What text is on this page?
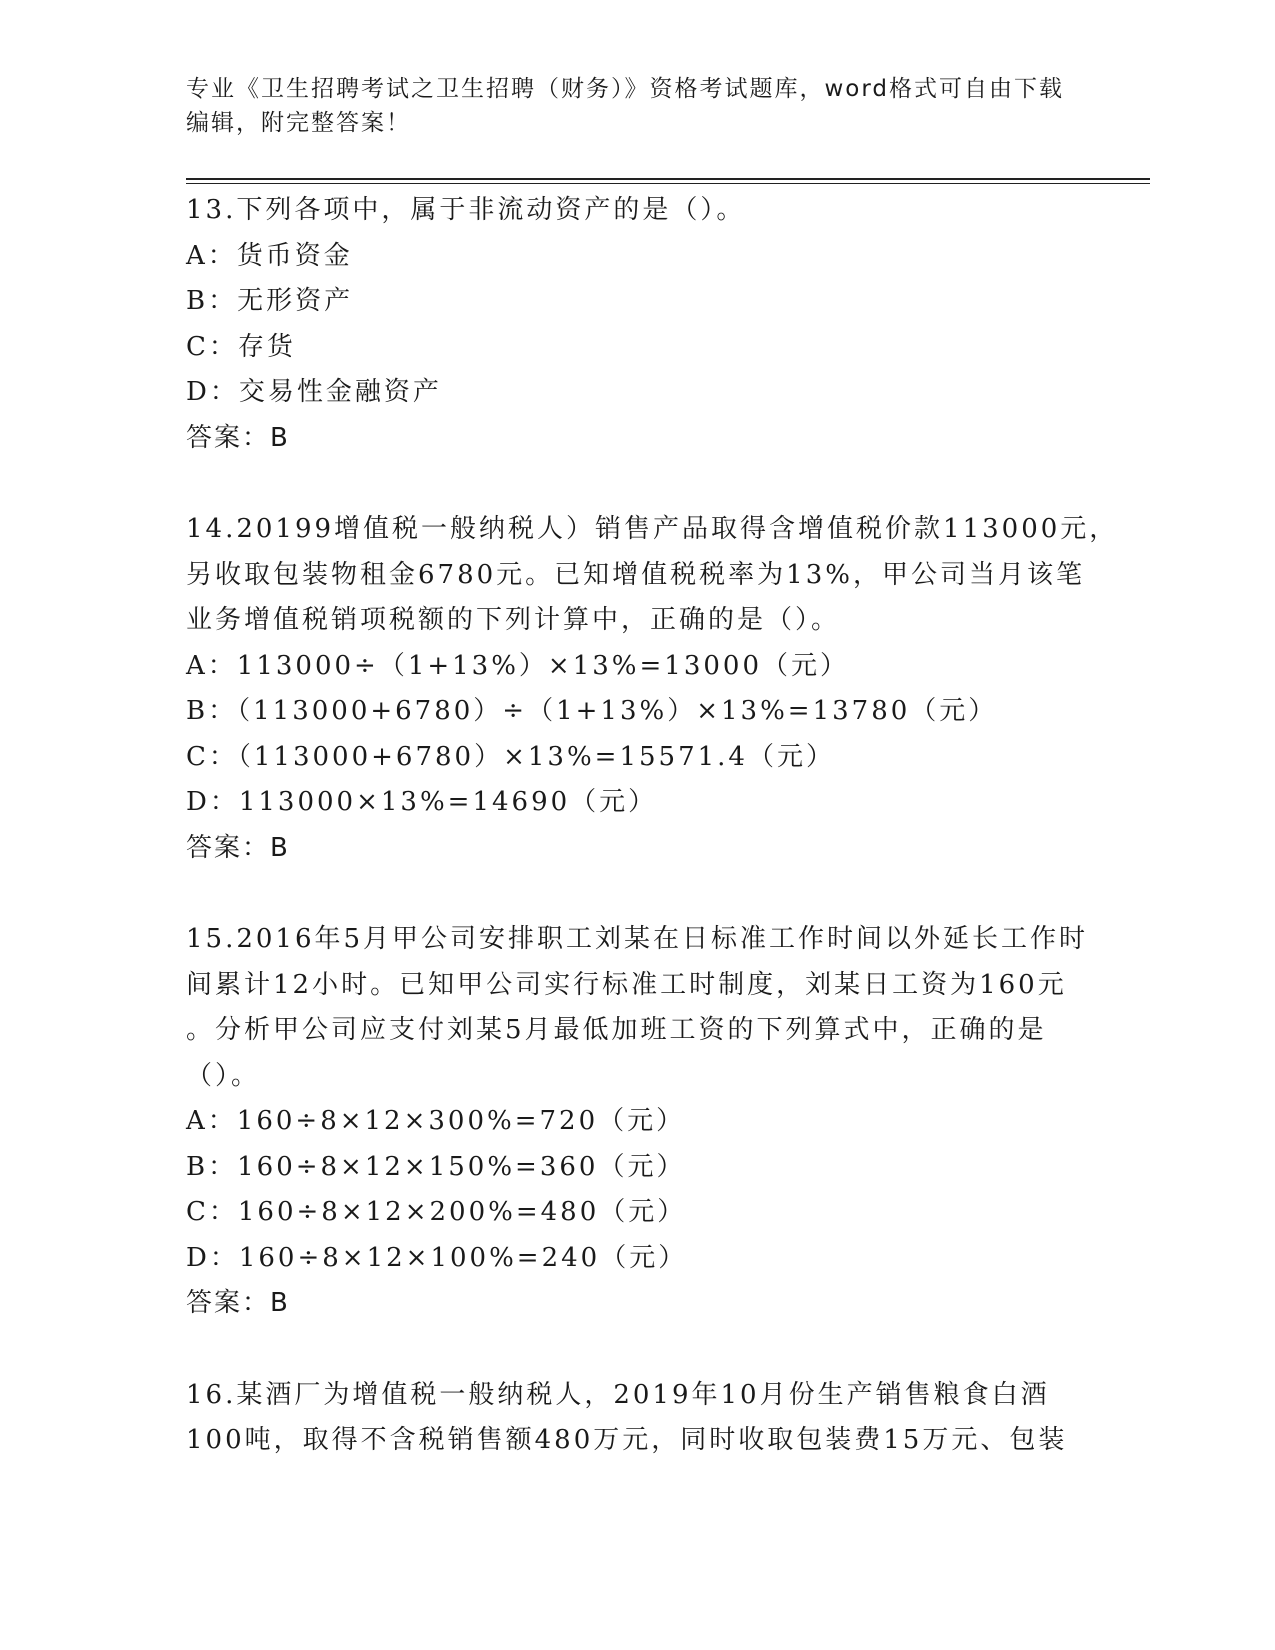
专业《卫生招聘考试之卫生招聘（财务）》资格考试题库，word格式可自由下载
编辑，附完整答案！
13.下列各项中，属于非流动资产的是（）。
A：货币资金
B：无形资产
C：存货
D：交易性金融资产
答案：B
14.20199增值税一般纳税人）销售产品取得含增值税价款113000元，
另收取包装物租金6780元。已知增值税税率为13%，甲公司当月该笔
业务增值税销项税额的下列计算中，正确的是（）。
A：113000÷（1+13%）×13%=13000（元）
B：（113000+6780）÷（1+13%）×13%=13780（元）
C：（113000+6780）×13%=15571.4（元）
D：113000×13%=14690（元）
答案：B
15.2016年5月甲公司安排职工刘某在日标准工作时间以外延长工作时
间累计12小时。已知甲公司实行标准工时制度，刘某日工资为160元
。分析甲公司应支付刘某5月最低加班工资的下列算式中，正确的是
（）。
A：160÷8×12×300%=720（元）
B：160÷8×12×150%=360（元）
C：160÷8×12×200%=480（元）
D：160÷8×12×100%=240（元）
答案：B
16.某酒厂为增值税一般纳税人，2019年10月份生产销售粮食白酒
100吨，取得不含税销售额480万元，同时收取包装费15万元、包装
